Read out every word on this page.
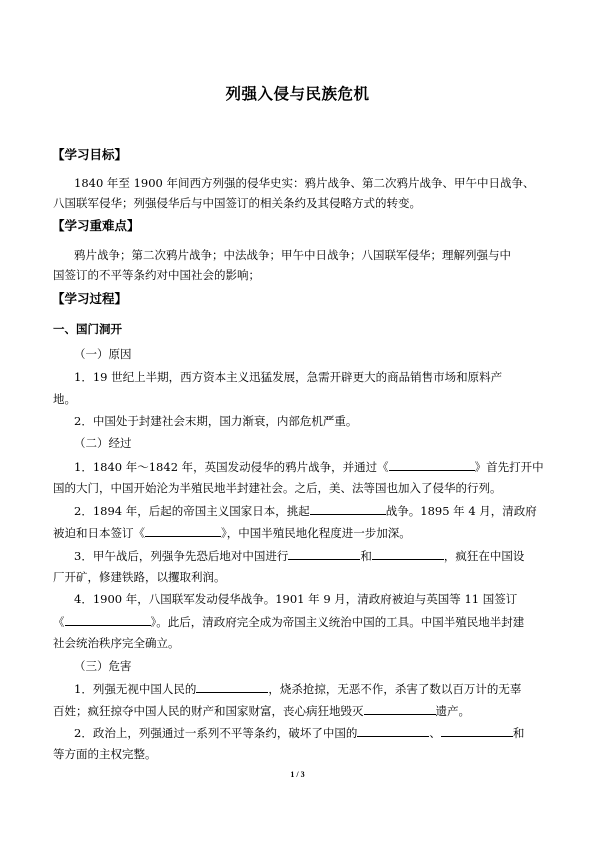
列强入侵与民族危机
【学习目标】
1840 年至 1900 年间西方列强的侵华史实：鸦片战争、第二次鸦片战争、甲午中日战争、
八国联军侵华；列强侵华后与中国签订的相关条约及其侵略方式的转变。
【学习重难点】
鸦片战争；第二次鸦片战争；中法战争；甲午中日战争；八国联军侵华；理解列强与中
国签订的不平等条约对中国社会的影响；
【学习过程】
一、国门洞开
（一）原因
1．19 世纪上半期，西方资本主义迅猛发展，急需开辟更大的商品销售市场和原料产
地。
2．中国处于封建社会末期，国力渐衰，内部危机严重。
（二）经过
1．1840 年～1842 年，英国发动侵华的鸦片战争，并通过《	》首先打开中
国的大门，中国开始沦为半殖民地半封建社会。之后，美、法等国也加入了侵华的行列。
2．1894 年，后起的帝国主义国家日本，挑起	战争。1895 年 4 月，清政府
被迫和日本签订《	》，中国半殖民地化程度进一步加深。
3．甲午战后，列强争先恐后地对中国进行	和	，疯狂在中国设
厂开矿，修建铁路，以攫取利润。
4．1900 年，八国联军发动侵华战争。1901 年 9 月，清政府被迫与英国等 11 国签订
《	》。此后，清政府完全成为帝国主义统治中国的工具。中国半殖民地半封建
社会统治秩序完全确立。
（三）危害
1．列强无视中国人民的	，烧杀抢掠，无恶不作，杀害了数以百万计的无辜
百姓；疯狂掠夺中国人民的财产和国家财富，丧心病狂地毁灭	遗产。
2．政治上，列强通过一系列不平等条约，破坏了中国的	、	和
等方面的主权完整。
1 / 3
